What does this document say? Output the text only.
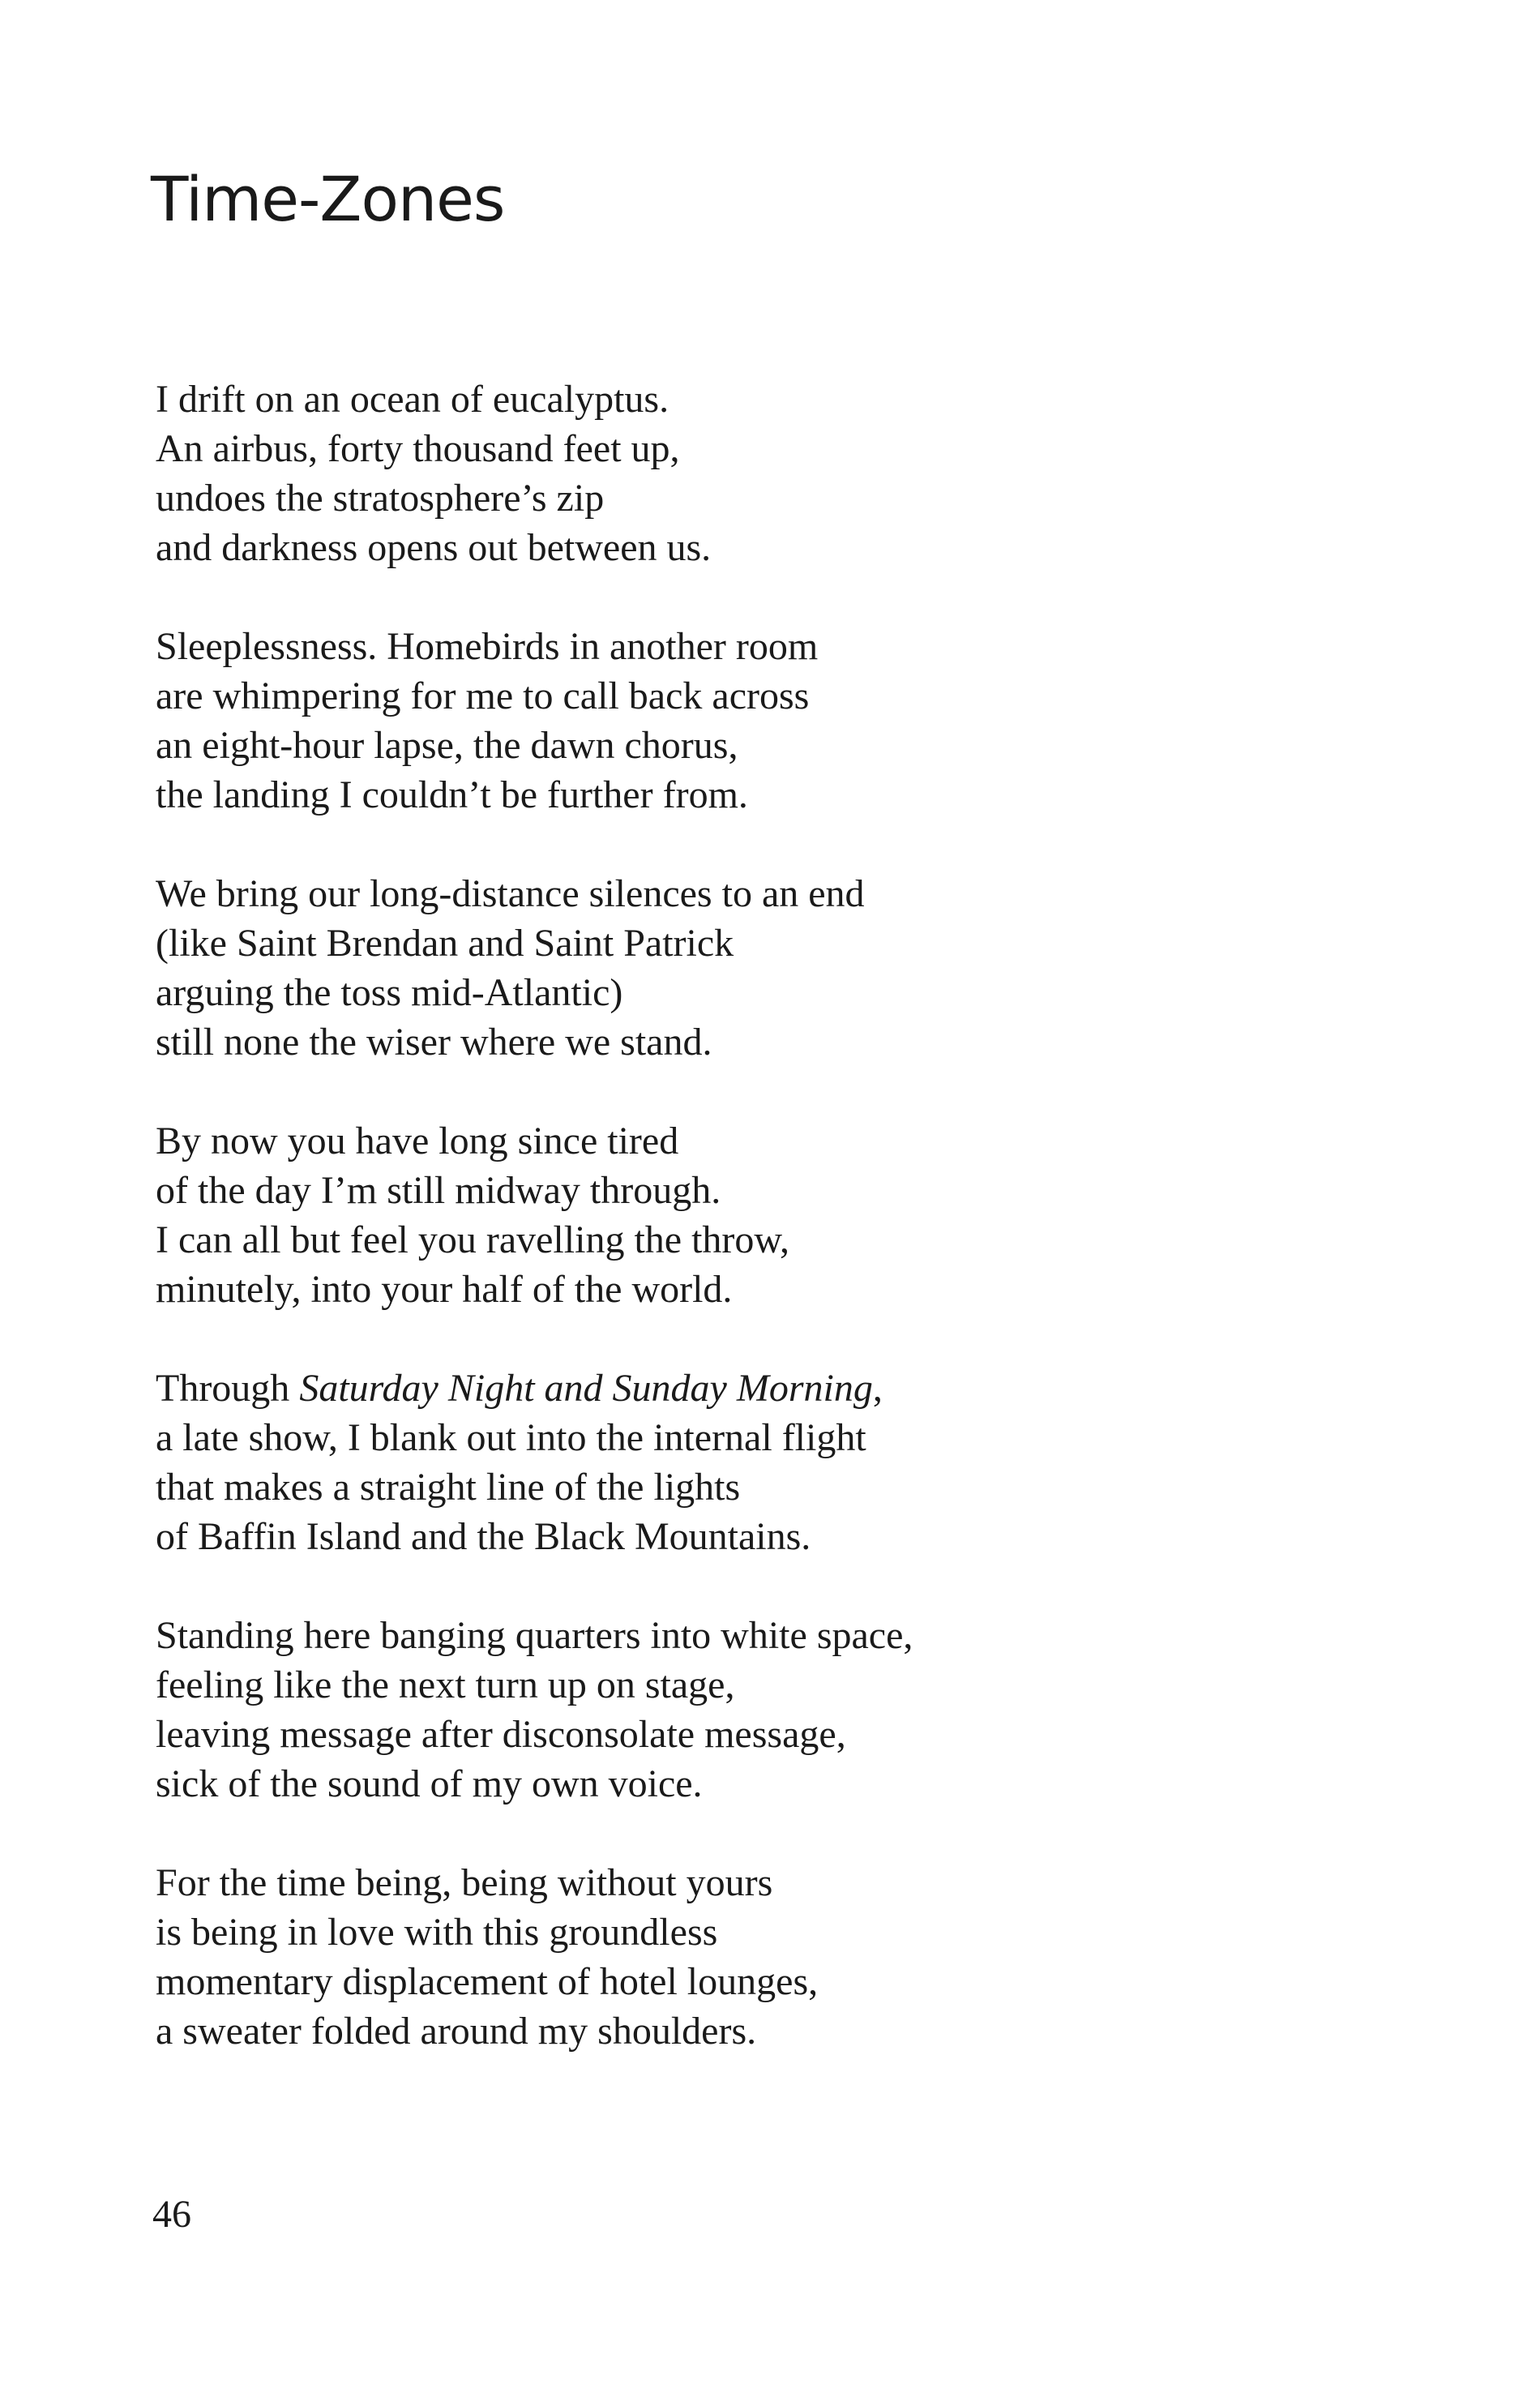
Time-Zones

I drift on an ocean of eucalyptus.
An airbus, forty thousand feet up,
undoes the stratosphere’s zip
and darkness opens out between us.

Sleeplessness. Homebirds in another room
are whimpering for me to call back across
an eight-hour lapse, the dawn chorus,
the landing I couldn’t be further from.

We bring our long-distance silences to an end
(like Saint Brendan and Saint Patrick
arguing the toss mid-Atlantic)
still none the wiser where we stand.

By now you have long since tired
of the day I’m still midway through.
I can all but feel you ravelling the throw,
minutely, into your half of the world.

Through Saturday Night and Sunday Morning,
a late show, I blank out into the internal flight
that makes a straight line of the lights
of Baffin Island and the Black Mountains.

Standing here banging quarters into white space,
feeling like the next turn up on stage,
leaving message after disconsolate message,
sick of the sound of my own voice.

For the time being, being without yours
is being in love with this groundless
momentary displacement of hotel lounges,
a sweater folded around my shoulders.

46
